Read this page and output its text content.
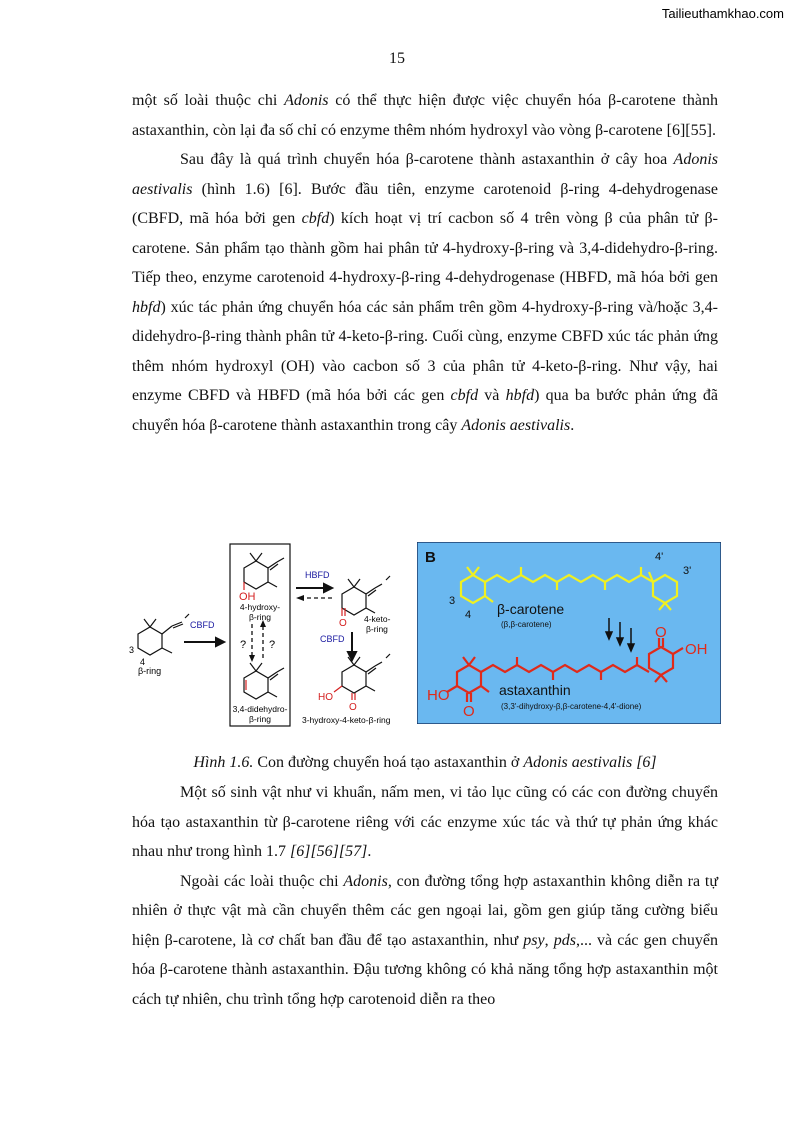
Tailieuthamkhao.com
15

một số loài thuộc chi Adonis có thể thực hiện được việc chuyển hóa β-carotene thành astaxanthin, còn lại đa số chỉ có enzyme thêm nhóm hydroxyl vào vòng β-carotene [6][55].

Sau đây là quá trình chuyển hóa β-carotene thành astaxanthin ở cây hoa Adonis aestivalis (hình 1.6) [6]. Bước đầu tiên, enzyme carotenoid β-ring 4-dehydrogenase (CBFD, mã hóa bởi gen cbfd) kích hoạt vị trí cacbon số 4 trên vòng β của phân tử β-carotene. Sản phẩm tạo thành gồm hai phân tử 4-hydroxy-β-ring và 3,4-didehydro-β-ring. Tiếp theo, enzyme carotenoid 4-hydroxy-β-ring 4-dehydrogenase (HBFD, mã hóa bởi gen hbfd) xúc tác phản ứng chuyển hóa các sản phẩm trên gồm 4-hydroxy-β-ring và/hoặc 3,4-didehydro-β-ring thành phân tử 4-keto-β-ring. Cuối cùng, enzyme CBFD xúc tác phản ứng thêm nhóm hydroxyl (OH) vào cacbon số 3 của phân tử 4-keto-β-ring. Như vậy, hai enzyme CBFD và HBFD (mã hóa bởi các gen cbfd và hbfd) qua ba bước phản ứng đã chuyển hóa β-carotene thành astaxanthin trong cây Adonis aestivalis.

3
4
β-ring
CBFD
HBFD
CBFD
OH
4-hydroxy-
β-ring
? ?
3,4-didehydro-
β-ring
O 4-keto-
β-ring
HO
O
3-hydroxy-4-keto-β-ring
B	4'
3'
3
4 β-carotene
(β,β-carotene)
astaxanthin
(3,3'-dihydroxy-β,β-carotene-4,4'-dione)
HO
OH
O
O
Hình 1.6. Con đường chuyển hoá tạo astaxanthin ở Adonis aestivalis [6]

Một số sinh vật như vi khuẩn, nấm men, vi tảo lục cũng có các con đường chuyển hóa tạo astaxanthin từ β-carotene riêng với các enzyme xúc tác và thứ tự phản ứng khác nhau như trong hình 1.7 [6][56][57].

Ngoài các loài thuộc chi Adonis, con đường tổng hợp astaxanthin không diễn ra tự nhiên ở thực vật mà cần chuyển thêm các gen ngoại lai, gồm gen giúp tăng cường biểu hiện β-carotene, là cơ chất ban đầu để tạo astaxanthin, như psy, pds,... và các gen chuyển hóa β-carotene thành astaxanthin. Đậu tương không có khả năng tổng hợp astaxanthin một cách tự nhiên, chu trình tổng hợp carotenoid diễn ra theo
